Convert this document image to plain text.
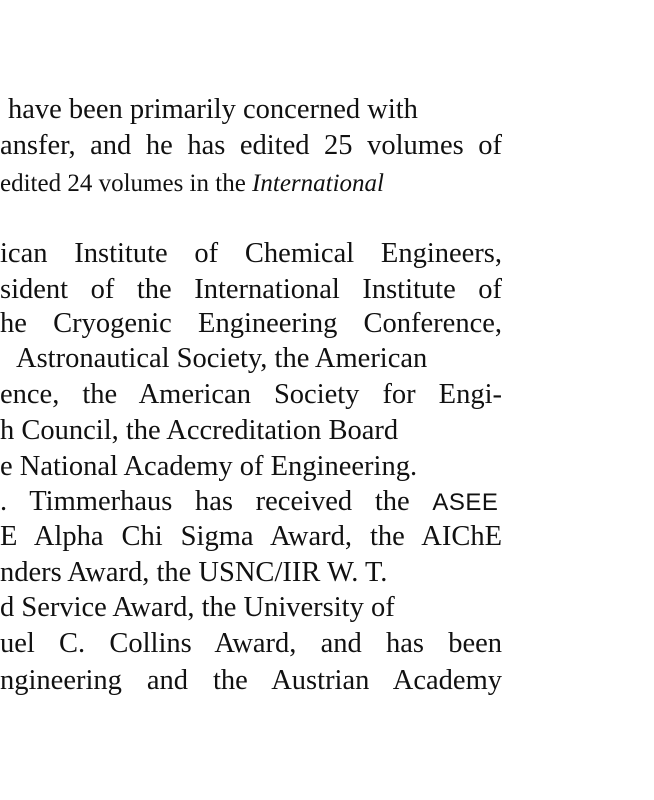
have been primarily concerned with
ansfer, and he has edited 25 volumes of
edited 24 volumes in the International
ican Institute of Chemical Engineers,
sident of the International Institute of
he Cryogenic Engineering Conference,
Astronautical Society, the American
ence, the American Society for Engi-
h Council, the Accreditation Board
e National Academy of Engineering.
. Timmerhaus has received the ASEE
E Alpha Chi Sigma Award, the AIChE
nders Award, the USNC/IIR W. T.
d Service Award, the University of
uel C. Collins Award, and has been
ngineering and the Austrian Academy
